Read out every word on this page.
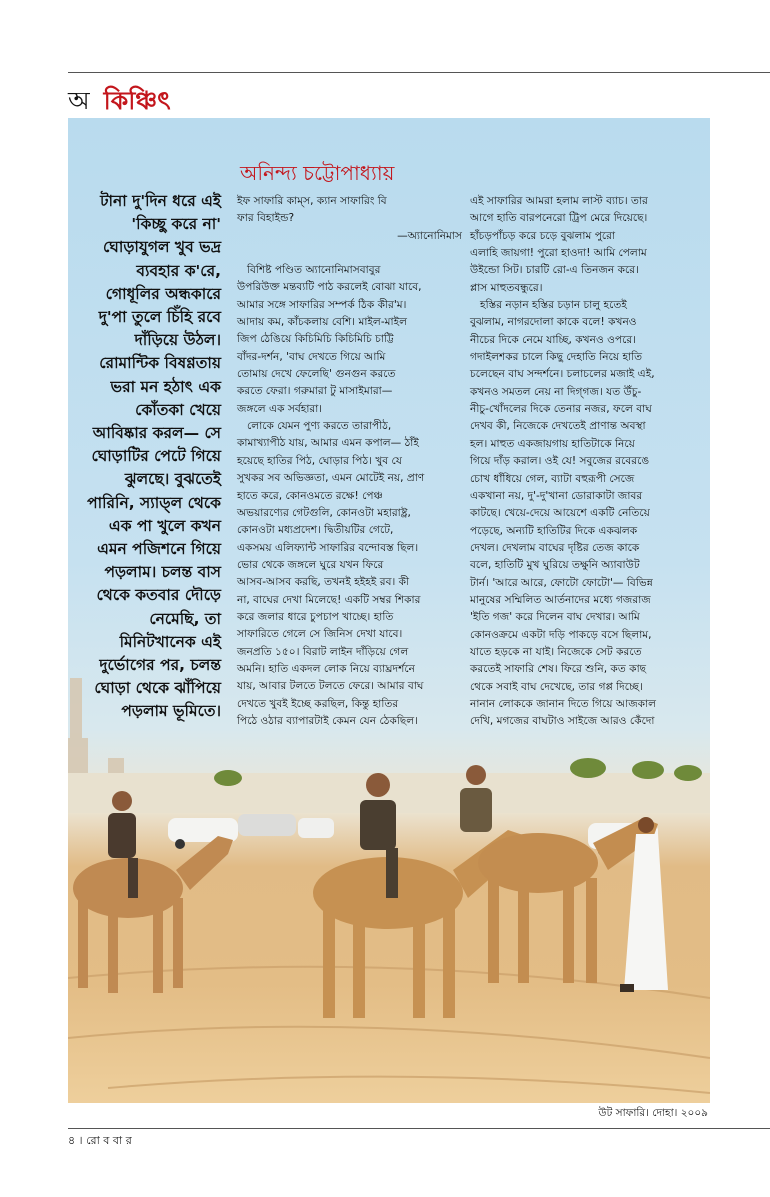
অ কিঞ্চিৎ
অনিন্দ্য চট্টোপাধ্যায়
টানা দু'দিন ধরে এই
'কিচ্ছু করে না'
ঘোড়াযুগল খুব ভদ্র
ব্যবহার ক'রে,
গোধূলির অন্ধকারে
দু'পা তুলে চিঁহি রবে
দাঁড়িয়ে উঠল।
রোমান্টিক বিষণ্ণতায়
ভরা মন হঠাৎ এক
কোঁতকা খেয়ে
আবিষ্কার করল— সে
ঘোড়াটির পেটে গিয়ে
ঝুলছে। বুঝতেই
পারিনি, স্যাড্‌ল থেকে
এক পা খুলে কখন
এমন পজিশনে গিয়ে
পড়লাম। চলন্ত বাস
থেকে কতবার দৌড়ে
নেমেছি, তা
মিনিটখানেক এই
দুর্ভোগের পর, চলন্ত
ঘোড়া থেকে ঝাঁপিয়ে
পড়লাম ভূমিতে।
ইফ সাফারি কাম্‌স, ক্যান সাফারিং বি
ফার বিহাইন্ড?
—অ্যানোনিমাস
বিশিষ্ট পণ্ডিত অ্যানোনিমাসবাবুর
উপরিউক্ত মন্তব্যটি পাঠ করলেই বোঝা যাবে,
আমার সঙ্গে সাফারির সম্পর্ক ঠিক কীর'ম।
আদায় কম, কাঁচকলায় বেশি। মাইল-মাইল
জিপ ঠেঙিয়ে কিচিমিচি কিচিমিচি চাট্টি
বাঁদর-দর্শন, 'বাঘ দেখতে গিয়ে আমি
তোমায় দেখে ফেলেছি' গুনগুন করতে
করতে ফেরা। গরুমারা টু মাসাইমারা—
জঙ্গলে এক সর্বহারা।
লোকে যেমন পুণ্য করতে তারাপীঠ,
কামাখ্যাপীঠ যায়, আমার এমন কপাল— ঠাঁই
হয়েছে হাতির পিঠ, ঘোড়ার পিঠ। খুব যে
সুখকর সব অভিজ্ঞতা, এমন মোটেই নয়, প্রাণ
হাতে করে, কোনওমতে রক্ষে! পেঞ্চ
অভয়ারণ্যের গেটগুলি, কোনওটা মহারাষ্ট্র,
কোনওটা মধ্যপ্রদেশ। দ্বিতীয়টির গেটে,
একসময় এলিফ্যান্ট সাফারির বন্দোবস্ত ছিল।
ভোর থেকে জঙ্গলে ঘুরে যখন ফিরে
আসব-আসব করছি, তখনই হইহই রব। কী
না, বাঘের দেখা মিলেছে! একটি সম্বর শিকার
করে জলার ধারে চুপচাপ খাচ্ছে। হাতি
সাফারিতে গেলে সে জিনিস দেখা যাবে।
জনপ্রতি ১৫০। বিরাট লাইন দাঁড়িয়ে গেল
অমনি। হাতি একদল লোক নিয়ে ব্যাঘ্রদর্শনে
যায়, আবার টলতে টলতে ফেরে। আমার বাঘ
দেখতে খুবই ইচ্ছে করছিল, কিন্তু হাতির
পিঠে ওঠার ব্যাপারটাই কেমন যেন ঠেকছিল।
এই সাফারির আমরা হলাম লাস্ট ব্যাচ। তার
আগে হাতি বারপনেরো ট্রিপ মেরে দিয়েছে।
হাঁচড়পাঁচড় করে চড়ে বুঝলাম পুরো
এলাহি জায়গা! পুরো হাওদা! আমি পেলাম
উইন্ডো সিট। চারটি রো-এ তিনজন করে।
প্লাস মাহুতবন্ধুরে।
হস্তির নড়ান হস্তির চড়ান চালু হতেই
বুঝলাম, নাগরদোলা কাকে বলে! কখনও
নীচের দিকে নেমে যাচ্ছি, কখনও ওপরে।
গদাইলশকর চালে কিছু দেহাতি নিয়ে হাতি
চলেছেন বাঘ সন্দর্শনে। চলাচলের মজাই এই,
কখনও সমতল নেয় না দিগ্‌গজ। যত উঁচু-
নীচু-খোঁদলের দিকে তেনার নজর, ফলে বাঘ
দেখব কী, নিজেকে দেখতেই প্রাণান্ত অবস্থা
হল। মাহুত একজায়গায় হাতিটাকে নিয়ে
গিয়ে দাঁড় করাল। ওই যে! সবুজের রবেরঙে
চোখ ধাঁধিয়ে গেল, ব্যাটা বহুরূপী সেজে
একখানা নয়, দু'-দু'খানা ডোরাকাটা জাবর
কাটছে। খেয়ে-দেয়ে আয়েশে একটি নেতিয়ে
পড়েছে, অন্যটি হাতিটির দিকে একঝলক
দেখল। দেখলাম বাঘের দৃষ্টির তেজ কাকে
বলে, হাতিটি মুখ ঘুরিয়ে তক্ষুনি অ্যাবাউট
টার্ন। 'আরে আরে, ফোটো ফোটো'— বিভিন্ন
মানুষের সম্মিলিত আর্তনাদের মধ্যে গজরাজ
'ইতি গজ' করে দিলেন বাঘ দেখার। আমি
কোনওক্রমে একটা দড়ি পাকড়ে বসে ছিলাম,
যাতে হড়কে না যাই। নিজেকে সেট করতে
করতেই সাফারি শেষ। ফিরে শুনি, কত কাছ
থেকে সবাই বাঘ দেখেছে, তার গপ্প দিচ্ছে।
নানান লোককে জানান দিতে গিয়ে আজকাল
দেখি, মগজের বাঘটাও সাইজে আরও কেঁদো
উট সাফারি। দোহা। ২০০৯
৪ । রো ব বা র
